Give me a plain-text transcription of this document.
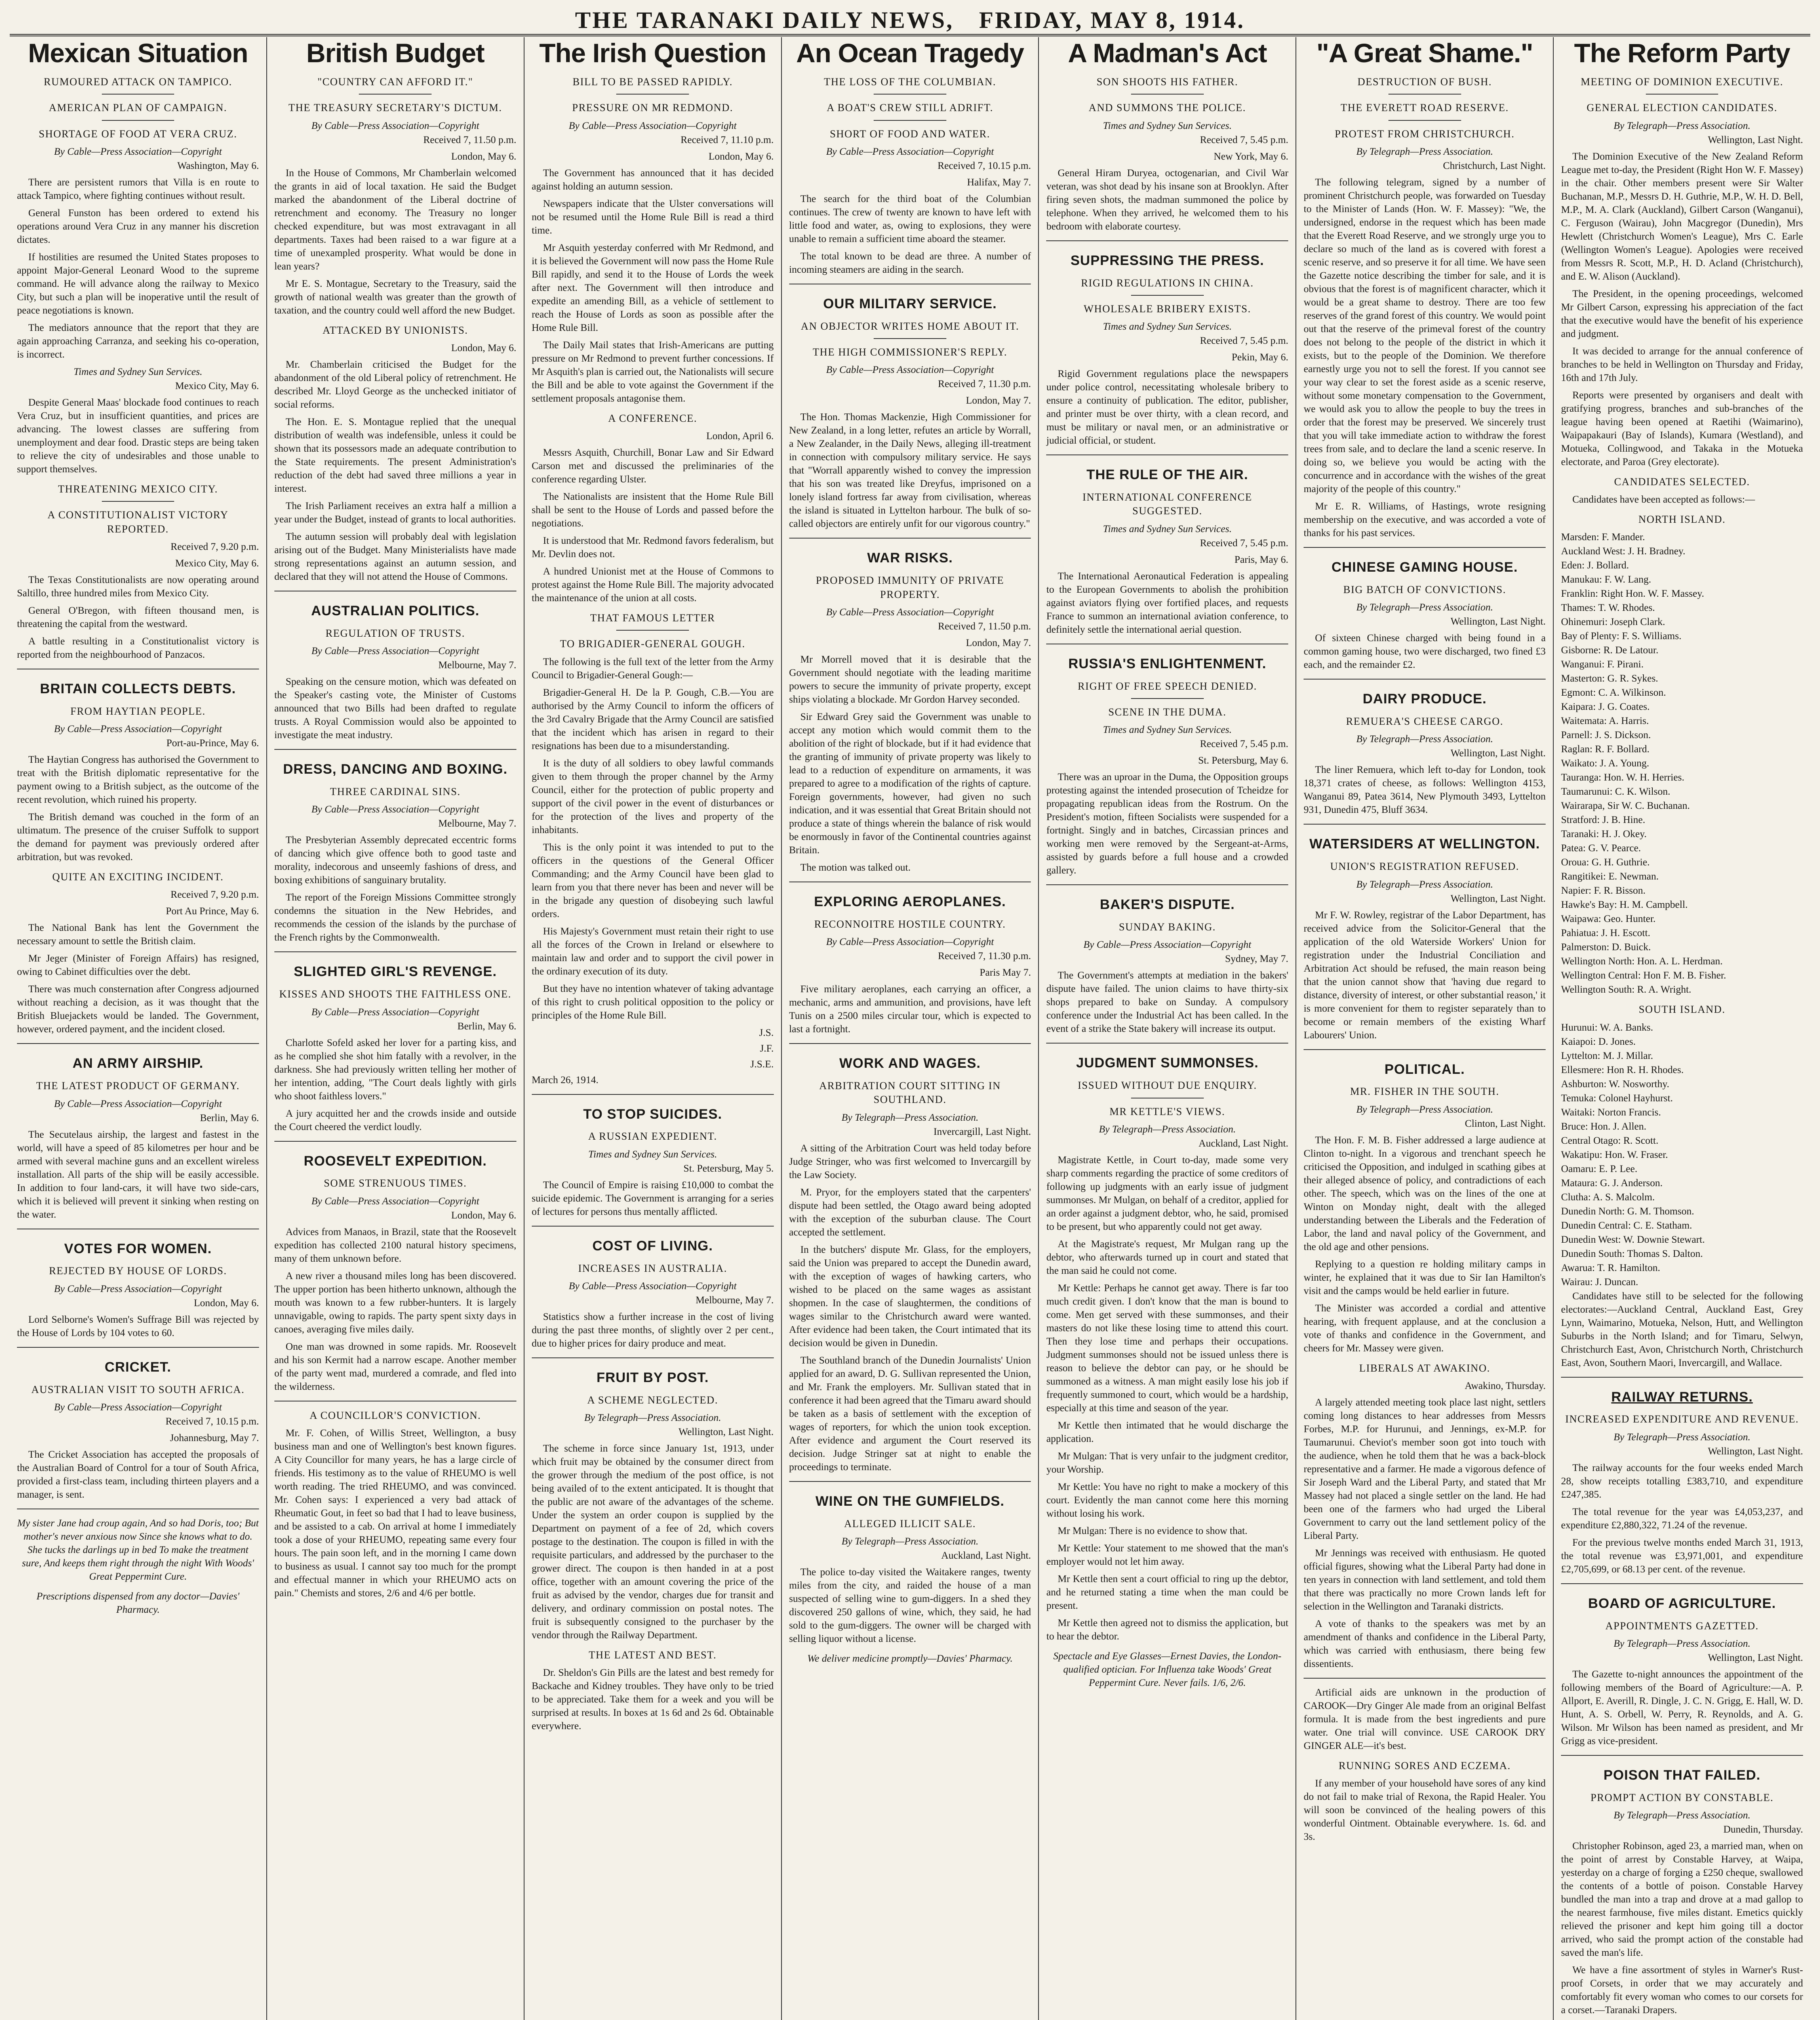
THE TARANAKI DAILY NEWS, FRIDAY, MAY 8, 1914.
Mexican Situation
RUMOURED ATTACK ON TAMPICO.
AMERICAN PLAN OF CAMPAIGN.
SHORTAGE OF FOOD AT VERA CRUZ.
By Cable—Press Association—Copyright
Washington, May 6.

There are persistent rumors that Villa is en route to attack Tampico, where fighting continues without result.

General Funston has been ordered to extend his operations around Vera Cruz in any manner his discretion dictates.

If hostilities are resumed the United States proposes to appoint Major-General Leonard Wood to the supreme command. He will advance along the railway to Mexico City, but such a plan will be inoperative until the result of peace negotiations is known.

The mediators announce that the report that they are again approaching Carranza, and seeking his co-operation, is incorrect.

Times and Sydney Sun Services.
Mexico City, May 6.

Despite General Maas' blockade food continues to reach Vera Cruz, but in insufficient quantities, and prices are advancing. The lowest classes are suffering from unemployment and dear food. Drastic steps are being taken to relieve the city of undesirables and those unable to support themselves.

THREATENING MEXICO CITY.
A CONSTITUTIONALIST VICTORY REPORTED.
Received 7, 9.20 p.m.
Mexico City, May 6.

The Texas Constitutionalists are now operating around Saltillo, three hundred miles from Mexico City.

General O'Bregon, with fifteen thousand men, is threatening the capital from the westward.

A battle resulting in a Constitutionalist victory is reported from the neighbourhood of Panzacos.

BRITAIN COLLECTS DEBTS.
FROM HAYTIAN PEOPLE.
By Cable—Press Association—Copyright
Port-au-Prince, May 6.

The Haytian Congress has authorised the Government to treat with the British diplomatic representative for the payment owing to a British subject, as the outcome of the recent revolution, which ruined his property.

The British demand was couched in the form of an ultimatum. The presence of the cruiser Suffolk to support the demand for payment was previously ordered after arbitration, but was revoked.

QUITE AN EXCITING INCIDENT.
Received 7, 9.20 p.m.
Port Au Prince, May 6.

The National Bank has lent the Government the necessary amount to settle the British claim.

Mr Jeger (Minister of Foreign Affairs) has resigned, owing to Cabinet difficulties over the debt.

There was much consternation after Congress adjourned without reaching a decision, as it was thought that the British Bluejackets would be landed. The Government, however, ordered payment, and the incident closed.

AN ARMY AIRSHIP.
THE LATEST PRODUCT OF GERMANY.
By Cable—Press Association—Copyright
Berlin, May 6.

The Secutelaus airship, the largest and fastest in the world, will have a speed of 85 kilometres per hour and be armed with several machine guns and an excellent wireless installation. All parts of the ship will be easily accessible. In addition to four land-cars, it will have two side-cars, which it is believed will prevent it sinking when resting on the water.

VOTES FOR WOMEN.
REJECTED BY HOUSE OF LORDS.
By Cable—Press Association—Copyright
London, May 6.

Lord Selborne's Women's Suffrage Bill was rejected by the House of Lords by 104 votes to 60.

CRICKET.
AUSTRALIAN VISIT TO SOUTH AFRICA.
By Cable—Press Association—Copyright
Received 7, 10.15 p.m.
Johannesburg, May 7.

The Cricket Association has accepted the proposals of the Australian Board of Control for a tour of South Africa, provided a first-class team, including thirteen players and a manager, is sent.

My sister Jane had croup again, And so had Doris, too; But mother's never anxious now Since she knows what to do. She tucks the darlings up in bed To make the treatment sure, And keeps them right through the night With Woods' Great Peppermint Cure.
Prescriptions dispensed from any doctor—Davies' Pharmacy.
British Budget
"COUNTRY CAN AFFORD IT."
THE TREASURY SECRETARY'S DICTUM.
By Cable—Press Association—Copyright
Received 7, 11.50 p.m.
London, May 6.

In the House of Commons, Mr Chamberlain welcomed the grants in aid of local taxation. He said the Budget marked the abandonment of the Liberal doctrine of retrenchment and economy. The Treasury no longer checked expenditure, but was most extravagant in all departments. Taxes had been raised to a war figure at a time of unexampled prosperity. What would be done in lean years?

Mr E. S. Montague, Secretary to the Treasury, said the growth of national wealth was greater than the growth of taxation, and the country could well afford the new Budget.

ATTACKED BY UNIONISTS.
London, May 6.

Mr. Chamberlain criticised the Budget for the abandonment of the old Liberal policy of retrenchment. He described Mr. Lloyd George as the unchecked initiator of social reforms.

The Hon. E. S. Montague replied that the unequal distribution of wealth was indefensible, unless it could be shown that its possessors made an adequate contribution to the State requirements. The present Administration's reduction of the debt had saved three millions a year in interest.

The Irish Parliament receives an extra half a million a year under the Budget, instead of grants to local authorities.

The autumn session will probably deal with legislation arising out of the Budget. Many Ministerialists have made strong representations against an autumn session, and declared that they will not attend the House of Commons.

AUSTRALIAN POLITICS.
REGULATION OF TRUSTS.
By Cable—Press Association—Copyright
Melbourne, May 7.

Speaking on the censure motion, which was defeated on the Speaker's casting vote, the Minister of Customs announced that two Bills had been drafted to regulate trusts. A Royal Commission would also be appointed to investigate the meat industry.

DRESS, DANCING AND BOXING.
THREE CARDINAL SINS.
By Cable—Press Association—Copyright
Melbourne, May 7.

The Presbyterian Assembly deprecated eccentric forms of dancing which give offence both to good taste and morality, indecorous and unseemly fashions of dress, and boxing exhibitions of sanguinary brutality.

The report of the Foreign Missions Committee strongly condemns the situation in the New Hebrides, and recommends the cession of the islands by the purchase of the French rights by the Commonwealth.

SLIGHTED GIRL'S REVENGE.
KISSES AND SHOOTS THE FAITHLESS ONE.
By Cable—Press Association—Copyright
Berlin, May 6.

Charlotte Sofeld asked her lover for a parting kiss, and as he complied she shot him fatally with a revolver, in the darkness. She had previously written telling her mother of her intention, adding, "The Court deals lightly with girls who shoot faithless lovers."

A jury acquitted her and the crowds inside and outside the Court cheered the verdict loudly.

ROOSEVELT EXPEDITION.
SOME STRENUOUS TIMES.
By Cable—Press Association—Copyright
London, May 6.

Advices from Manaos, in Brazil, state that the Roosevelt expedition has collected 2100 natural history specimens, many of them unknown before.

A new river a thousand miles long has been discovered. The upper portion has been hitherto unknown, although the mouth was known to a few rubber-hunters. It is largely unnavigable, owing to rapids. The party spent sixty days in canoes, averaging five miles daily.

One man was drowned in some rapids. Mr. Roosevelt and his son Kermit had a narrow escape. Another member of the party went mad, murdered a comrade, and fled into the wilderness.

A COUNCILLOR'S CONVICTION.

Mr. F. Cohen, of Willis Street, Wellington, a busy business man and one of Wellington's best known figures. A City Councillor for many years, he has a large circle of friends. His testimony as to the value of RHEUMO is well worth reading. The tried RHEUMO, and was convinced. Mr. Cohen says: I experienced a very bad attack of Rheumatic Gout, in feet so bad that I had to leave business, and be assisted to a cab. On arrival at home I immediately took a dose of your RHEUMO, repeating same every four hours. The pain soon left, and in the morning I came down to business as usual. I cannot say too much for the prompt and effectual manner in which your RHEUMO acts on pain." Chemists and stores, 2/6 and 4/6 per bottle.

The Irish Question
BILL TO BE PASSED RAPIDLY.
PRESSURE ON MR REDMOND.
By Cable—Press Association—Copyright
Received 7, 11.10 p.m.
London, May 6.

The Government has announced that it has decided against holding an autumn session.

Newspapers indicate that the Ulster conversations will not be resumed until the Home Rule Bill is read a third time.

Mr Asquith yesterday conferred with Mr Redmond, and it is believed the Government will now pass the Home Rule Bill rapidly, and send it to the House of Lords the week after next. The Government will then introduce and expedite an amending Bill, as a vehicle of settlement to reach the House of Lords as soon as possible after the Home Rule Bill.

The Daily Mail states that Irish-Americans are putting pressure on Mr Redmond to prevent further concessions. If Mr Asquith's plan is carried out, the Nationalists will secure the Bill and be able to vote against the Government if the settlement proposals antagonise them.

A CONFERENCE.
London, April 6.

Messrs Asquith, Churchill, Bonar Law and Sir Edward Carson met and discussed the preliminaries of the conference regarding Ulster.

The Nationalists are insistent that the Home Rule Bill shall be sent to the House of Lords and passed before the negotiations.

It is understood that Mr. Redmond favors federalism, but Mr. Devlin does not.

A hundred Unionist met at the House of Commons to protest against the Home Rule Bill. The majority advocated the maintenance of the union at all costs.

THAT FAMOUS LETTER
TO BRIGADIER-GENERAL GOUGH.

The following is the full text of the letter from the Army Council to Brigadier-General Gough:—

Brigadier-General H. De la P. Gough, C.B.—You are authorised by the Army Council to inform the officers of the 3rd Cavalry Brigade that the Army Council are satisfied that the incident which has arisen in regard to their resignations has been due to a misunderstanding.

It is the duty of all soldiers to obey lawful commands given to them through the proper channel by the Army Council, either for the protection of public property and support of the civil power in the event of disturbances or for the protection of the lives and property of the inhabitants.

This is the only point it was intended to put to the officers in the questions of the General Officer Commanding; and the Army Council have been glad to learn from you that there never has been and never will be in the brigade any question of disobeying such lawful orders.

His Majesty's Government must retain their right to use all the forces of the Crown in Ireland or elsewhere to maintain law and order and to support the civil power in the ordinary execution of its duty.

But they have no intention whatever of taking advantage of this right to crush political opposition to the policy or principles of the Home Rule Bill.

J.S.
J.F.
J.S.E.
March 26, 1914.
TO STOP SUICIDES.
A RUSSIAN EXPEDIENT.
Times and Sydney Sun Services.
St. Petersburg, May 5.

The Council of Empire is raising £10,000 to combat the suicide epidemic. The Government is arranging for a series of lectures for persons thus mentally afflicted.

COST OF LIVING.
INCREASES IN AUSTRALIA.
By Cable—Press Association—Copyright
Melbourne, May 7.

Statistics show a further increase in the cost of living during the past three months, of slightly over 2 per cent., due to higher prices for dairy produce and meat.

FRUIT BY POST.
A SCHEME NEGLECTED.
By Telegraph—Press Association.
Wellington, Last Night.

The scheme in force since January 1st, 1913, under which fruit may be obtained by the consumer direct from the grower through the medium of the post office, is not being availed of to the extent anticipated. It is thought that the public are not aware of the advantages of the scheme. Under the system an order coupon is supplied by the Department on payment of a fee of 2d, which covers postage to the destination. The coupon is filled in with the requisite particulars, and addressed by the purchaser to the grower direct. The coupon is then handed in at a post office, together with an amount covering the price of the fruit as advised by the vendor, charges due for transit and delivery, and ordinary commission on postal notes. The fruit is subsequently consigned to the purchaser by the vendor through the Railway Department.

THE LATEST AND BEST.

Dr. Sheldon's Gin Pills are the latest and best remedy for Backache and Kidney troubles. They have only to be tried to be appreciated. Take them for a week and you will be surprised at results. In boxes at 1s 6d and 2s 6d. Obtainable everywhere.

An Ocean Tragedy
THE LOSS OF THE COLUMBIAN.
A BOAT'S CREW STILL ADRIFT.
SHORT OF FOOD AND WATER.
By Cable—Press Association—Copyright
Received 7, 10.15 p.m.
Halifax, May 7.

The search for the third boat of the Columbian continues. The crew of twenty are known to have left with little food and water, as, owing to explosions, they were unable to remain a sufficient time aboard the steamer.

The total known to be dead are three. A number of incoming steamers are aiding in the search.

OUR MILITARY SERVICE.
AN OBJECTOR WRITES HOME ABOUT IT.
THE HIGH COMMISSIONER'S REPLY.
By Cable—Press Association—Copyright
Received 7, 11.30 p.m.
London, May 7.

The Hon. Thomas Mackenzie, High Commissioner for New Zealand, in a long letter, refutes an article by Worrall, a New Zealander, in the Daily News, alleging ill-treatment in connection with compulsory military service. He says that "Worrall apparently wished to convey the impression that his son was treated like Dreyfus, imprisoned on a lonely island fortress far away from civilisation, whereas the island is situated in Lyttelton harbour. The bulk of so-called objectors are entirely unfit for our vigorous country."

WAR RISKS.
PROPOSED IMMUNITY OF PRIVATE PROPERTY.
By Cable—Press Association—Copyright
Received 7, 11.50 p.m.
London, May 7.

Mr Morrell moved that it is desirable that the Government should negotiate with the leading maritime powers to secure the immunity of private property, except ships violating a blockade. Mr Gordon Harvey seconded.

Sir Edward Grey said the Government was unable to accept any motion which would commit them to the abolition of the right of blockade, but if it had evidence that the granting of immunity of private property was likely to lead to a reduction of expenditure on armaments, it was prepared to agree to a modification of the rights of capture. Foreign governments, however, had given no such indication, and it was essential that Great Britain should not produce a state of things wherein the balance of risk would be enormously in favor of the Continental countries against Britain.

The motion was talked out.

EXPLORING AEROPLANES.
RECONNOITRE HOSTILE COUNTRY.
By Cable—Press Association—Copyright
Received 7, 11.30 p.m.
Paris May 7.

Five military aeroplanes, each carrying an officer, a mechanic, arms and ammunition, and provisions, have left Tunis on a 2500 miles circular tour, which is expected to last a fortnight.

WORK AND WAGES.
ARBITRATION COURT SITTING IN SOUTHLAND.
By Telegraph—Press Association.
Invercargill, Last Night.

A sitting of the Arbitration Court was held today before Judge Stringer, who was first welcomed to Invercargill by the Law Society.

M. Pryor, for the employers stated that the carpenters' dispute had been settled, the Otago award being adopted with the exception of the suburban clause. The Court accepted the settlement.

In the butchers' dispute Mr. Glass, for the employers, said the Union was prepared to accept the Dunedin award, with the exception of wages of hawking carters, who wished to be placed on the same wages as assistant shopmen. In the case of slaughtermen, the conditions of wages similar to the Christchurch award were wanted. After evidence had been taken, the Court intimated that its decision would be given in Dunedin.

The Southland branch of the Dunedin Journalists' Union applied for an award, D. G. Sullivan represented the Union, and Mr. Frank the employers. Mr. Sullivan stated that in conference it had been agreed that the Timaru award should be taken as a basis of settlement with the exception of wages of reporters, for which the union took exception. After evidence and argument the Court reserved its decision. Judge Stringer sat at night to enable the proceedings to terminate.

WINE ON THE GUMFIELDS.
ALLEGED ILLICIT SALE.
By Telegraph—Press Association.
Auckland, Last Night.

The police to-day visited the Waitakere ranges, twenty miles from the city, and raided the house of a man suspected of selling wine to gum-diggers. In a shed they discovered 250 gallons of wine, which, they said, he had sold to the gum-diggers. The owner will be charged with selling liquor without a license.

We deliver medicine promptly—Davies' Pharmacy.
A Madman's Act
SON SHOOTS HIS FATHER.
AND SUMMONS THE POLICE.
Times and Sydney Sun Services.
Received 7, 5.45 p.m.
New York, May 6.

General Hiram Duryea, octogenarian, and Civil War veteran, was shot dead by his insane son at Brooklyn. After firing seven shots, the madman summoned the police by telephone. When they arrived, he welcomed them to his bedroom with elaborate courtesy.

SUPPRESSING THE PRESS.
RIGID REGULATIONS IN CHINA.
WHOLESALE BRIBERY EXISTS.
Times and Sydney Sun Services.
Received 7, 5.45 p.m.
Pekin, May 6.

Rigid Government regulations place the newspapers under police control, necessitating wholesale bribery to ensure a continuity of publication. The editor, publisher, and printer must be over thirty, with a clean record, and must be military or naval men, or an administrative or judicial official, or student.

THE RULE OF THE AIR.
INTERNATIONAL CONFERENCE SUGGESTED.
Times and Sydney Sun Services.
Received 7, 5.45 p.m.
Paris, May 6.

The International Aeronautical Federation is appealing to the European Governments to abolish the prohibition against aviators flying over fortified places, and requests France to summon an international aviation conference, to definitely settle the international aerial question.

RUSSIA'S ENLIGHTENMENT.
RIGHT OF FREE SPEECH DENIED.
SCENE IN THE DUMA.
Times and Sydney Sun Services.
Received 7, 5.45 p.m.
St. Petersburg, May 6.

There was an uproar in the Duma, the Opposition groups protesting against the intended prosecution of Tcheidze for propagating republican ideas from the Rostrum. On the President's motion, fifteen Socialists were suspended for a fortnight. Singly and in batches, Circassian princes and working men were removed by the Sergeant-at-Arms, assisted by guards before a full house and a crowded gallery.

BAKER'S DISPUTE.
SUNDAY BAKING.
By Cable—Press Association—Copyright
Sydney, May 7.

The Government's attempts at mediation in the bakers' dispute have failed. The union claims to have thirty-six shops prepared to bake on Sunday. A compulsory conference under the Industrial Act has been called. In the event of a strike the State bakery will increase its output.

JUDGMENT SUMMONSES.
ISSUED WITHOUT DUE ENQUIRY.
MR KETTLE'S VIEWS.
By Telegraph—Press Association.
Auckland, Last Night.

Magistrate Kettle, in Court to-day, made some very sharp comments regarding the practice of some creditors of following up judgments with an early issue of judgment summonses. Mr Mulgan, on behalf of a creditor, applied for an order against a judgment debtor, who, he said, promised to be present, but who apparently could not get away.

At the Magistrate's request, Mr Mulgan rang up the debtor, who afterwards turned up in court and stated that the man said he could not come.

Mr Kettle: Perhaps he cannot get away. There is far too much credit given. I don't know that the man is bound to come. Men get served with these summonses, and their masters do not like these losing time to attend this court. Then they lose time and perhaps their occupations. Judgment summonses should not be issued unless there is reason to believe the debtor can pay, or he should be summoned as a witness. A man might easily lose his job if frequently summoned to court, which would be a hardship, especially at this time and season of the year.

Mr Kettle then intimated that he would discharge the application.

Mr Mulgan: That is very unfair to the judgment creditor, your Worship.

Mr Kettle: You have no right to make a mockery of this court. Evidently the man cannot come here this morning without losing his work.

Mr Mulgan: There is no evidence to show that.

Mr Kettle: Your statement to me showed that the man's employer would not let him away.

Mr Kettle then sent a court official to ring up the debtor, and he returned stating a time when the man could be present.

Mr Kettle then agreed not to dismiss the application, but to hear the debtor.

Spectacle and Eye Glasses—Ernest Davies, the London-qualified optician. For Influenza take Woods' Great Peppermint Cure. Never fails. 1/6, 2/6.
"A Great Shame."
DESTRUCTION OF BUSH.
THE EVERETT ROAD RESERVE.
PROTEST FROM CHRISTCHURCH.
By Telegraph—Press Association.
Christchurch, Last Night.

The following telegram, signed by a number of prominent Christchurch people, was forwarded on Tuesday to the Minister of Lands (Hon. W. F. Massey): "We, the undersigned, endorse in the request which has been made that the Everett Road Reserve, and we strongly urge you to declare so much of the land as is covered with forest a scenic reserve, and so preserve it for all time. We have seen the Gazette notice describing the timber for sale, and it is obvious that the forest is of magnificent character, which it would be a great shame to destroy. There are too few reserves of the grand forest of this country. We would point out that the reserve of the primeval forest of the country does not belong to the people of the district in which it exists, but to the people of the Dominion. We therefore earnestly urge you not to sell the forest. If you cannot see your way clear to set the forest aside as a scenic reserve, without some monetary compensation to the Government, we would ask you to allow the people to buy the trees in order that the forest may be preserved. We sincerely trust that you will take immediate action to withdraw the forest trees from sale, and to declare the land a scenic reserve. In doing so, we believe you would be acting with the concurrence and in accordance with the wishes of the great majority of the people of this country."

Mr E. R. Williams, of Hastings, wrote resigning membership on the executive, and was accorded a vote of thanks for his past services.

CHINESE GAMING HOUSE.
BIG BATCH OF CONVICTIONS.
By Telegraph—Press Association.
Wellington, Last Night.

Of sixteen Chinese charged with being found in a common gaming house, two were discharged, two fined £3 each, and the remainder £2.

DAIRY PRODUCE.
REMUERA'S CHEESE CARGO.
By Telegraph—Press Association.
Wellington, Last Night.

The liner Remuera, which left to-day for London, took 18,371 crates of cheese, as follows: Wellington 4153, Wanganui 89, Patea 3614, New Plymouth 3493, Lyttelton 931, Dunedin 475, Bluff 3634.

WATERSIDERS AT WELLINGTON.
UNION'S REGISTRATION REFUSED.
By Telegraph—Press Association.
Wellington, Last Night.

Mr F. W. Rowley, registrar of the Labor Department, has received advice from the Solicitor-General that the application of the old Waterside Workers' Union for registration under the Industrial Conciliation and Arbitration Act should be refused, the main reason being that the union cannot show that 'having due regard to distance, diversity of interest, or other substantial reason,' it is more convenient for them to register separately than to become or remain members of the existing Wharf Labourers' Union.

POLITICAL.
MR. FISHER IN THE SOUTH.
By Telegraph—Press Association.
Clinton, Last Night.

The Hon. F. M. B. Fisher addressed a large audience at Clinton to-night. In a vigorous and trenchant speech he criticised the Opposition, and indulged in scathing gibes at their alleged absence of policy, and contradictions of each other. The speech, which was on the lines of the one at Winton on Monday night, dealt with the alleged understanding between the Liberals and the Federation of Labor, the land and naval policy of the Government, and the old age and other pensions.

Replying to a question re holding military camps in winter, he explained that it was due to Sir Ian Hamilton's visit and the camps would be held earlier in future.

The Minister was accorded a cordial and attentive hearing, with frequent applause, and at the conclusion a vote of thanks and confidence in the Government, and cheers for Mr. Massey were given.

LIBERALS AT AWAKINO.
Awakino, Thursday.

A largely attended meeting took place last night, settlers coming long distances to hear addresses from Messrs Forbes, M.P. for Hurunui, and Jennings, ex-M.P. for Taumarunui. Cheviot's member soon got into touch with the audience, when he told them that he was a back-block representative and a farmer. He made a vigorous defence of Sir Joseph Ward and the Liberal Party, and stated that Mr Massey had not placed a single settler on the land. He had been one of the farmers who had urged the Liberal Government to carry out the land settlement policy of the Liberal Party.

Mr Jennings was received with enthusiasm. He quoted official figures, showing what the Liberal Party had done in ten years in connection with land settlement, and told them that there was practically no more Crown lands left for selection in the Wellington and Taranaki districts.

A vote of thanks to the speakers was met by an amendment of thanks and confidence in the Liberal Party, which was carried with enthusiasm, there being few dissentients.

Artificial aids are unknown in the production of CAROOK—Dry Ginger Ale made from an original Belfast formula. It is made from the best ingredients and pure water. One trial will convince. USE CAROOK DRY GINGER ALE—it's best.

RUNNING SORES AND ECZEMA.

If any member of your household have sores of any kind do not fail to make trial of Rexona, the Rapid Healer. You will soon be convinced of the healing powers of this wonderful Ointment. Obtainable everywhere. 1s. 6d. and 3s.

The Reform Party
MEETING OF DOMINION EXECUTIVE.
GENERAL ELECTION CANDIDATES.
By Telegraph—Press Association.
Wellington, Last Night.

The Dominion Executive of the New Zealand Reform League met to-day, the President (Right Hon W. F. Massey) in the chair. Other members present were Sir Walter Buchanan, M.P., Messrs D. H. Guthrie, M.P., W. H. D. Bell, M.P., M. A. Clark (Auckland), Gilbert Carson (Wanganui), C. Ferguson (Wairau), John Macgregor (Dunedin), Mrs Hewlett (Christchurch Women's League), Mrs C. Earle (Wellington Women's League). Apologies were received from Messrs R. Scott, M.P., H. D. Acland (Christchurch), and E. W. Alison (Auckland).

The President, in the opening proceedings, welcomed Mr Gilbert Carson, expressing his appreciation of the fact that the executive would have the benefit of his experience and judgment.

It was decided to arrange for the annual conference of branches to be held in Wellington on Thursday and Friday, 16th and 17th July.

Reports were presented by organisers and dealt with gratifying progress, branches and sub-branches of the league having been opened at Raetihi (Waimarino), Waipapakauri (Bay of Islands), Kumara (Westland), and Motueka, Collingwood, and Takaka in the Motueka electorate, and Paroa (Grey electorate).

CANDIDATES SELECTED.

Candidates have been accepted as follows:—

NORTH ISLAND.
Marsden: F. Mander.
Auckland West: J. H. Bradney.
Eden: J. Bollard.
Manukau: F. W. Lang.
Franklin: Right Hon. W. F. Massey.
Thames: T. W. Rhodes.
Ohinemuri: Joseph Clark.
Bay of Plenty: F. S. Williams.
Gisborne: R. De Latour.
Wanganui: F. Pirani.
Masterton: G. R. Sykes.
Egmont: C. A. Wilkinson.
Kaipara: J. G. Coates.
Waitemata: A. Harris.
Parnell: J. S. Dickson.
Raglan: R. F. Bollard.
Waikato: J. A. Young.
Tauranga: Hon. W. H. Herries.
Taumarunui: C. K. Wilson.
Wairarapa, Sir W. C. Buchanan.
Stratford: J. B. Hine.
Taranaki: H. J. Okey.
Patea: G. V. Pearce.
Oroua: G. H. Guthrie.
Rangitikei: E. Newman.
Napier: F. R. Bisson.
Hawke's Bay: H. M. Campbell.
Waipawa: Geo. Hunter.
Pahiatua: J. H. Escott.
Palmerston: D. Buick.
Wellington North: Hon. A. L. Herdman.
Wellington Central: Hon F. M. B. Fisher.
Wellington South: R. A. Wright.
SOUTH ISLAND.
Hurunui: W. A. Banks.
Kaiapoi: D. Jones.
Lyttelton: M. J. Millar.
Ellesmere: Hon R. H. Rhodes.
Ashburton: W. Nosworthy.
Temuka: Colonel Hayhurst.
Waitaki: Norton Francis.
Bruce: Hon. J. Allen.
Central Otago: R. Scott.
Wakatipu: Hon. W. Fraser.
Oamaru: E. P. Lee.
Mataura: G. J. Anderson.
Clutha: A. S. Malcolm.
Dunedin North: G. M. Thomson.
Dunedin Central: C. E. Statham.
Dunedin West: W. Downie Stewart.
Dunedin South: Thomas S. Dalton.
Awarua: T. R. Hamilton.
Wairau: J. Duncan.

Candidates have still to be selected for the following electorates:—Auckland Central, Auckland East, Grey Lynn, Waimarino, Motueka, Nelson, Hutt, and Wellington Suburbs in the North Island; and for Timaru, Selwyn, Christchurch East, Avon, Christchurch North, Christchurch East, Avon, Southern Maori, Invercargill, and Wallace.

RAILWAY RETURNS.
INCREASED EXPENDITURE AND REVENUE.
By Telegraph—Press Association.
Wellington, Last Night.

The railway accounts for the four weeks ended March 28, show receipts totalling £383,710, and expenditure £247,385.

The total revenue for the year was £4,053,237, and expenditure £2,880,322, 71.24 of the revenue.

For the previous twelve months ended March 31, 1913, the total revenue was £3,971,001, and expenditure £2,705,699, or 68.13 per cent. of the revenue.

BOARD OF AGRICULTURE.
APPOINTMENTS GAZETTED.
By Telegraph—Press Association.
Wellington, Last Night.

The Gazette to-night announces the appointment of the following members of the Board of Agriculture:—A. P. Allport, E. Averill, R. Dingle, J. C. N. Grigg, E. Hall, W. D. Hunt, A. S. Orbell, W. Perry, R. Reynolds, and A. G. Wilson. Mr Wilson has been named as president, and Mr Grigg as vice-president.

POISON THAT FAILED.
PROMPT ACTION BY CONSTABLE.
By Telegraph—Press Association.
Dunedin, Thursday.

Christopher Robinson, aged 23, a married man, when on the point of arrest by Constable Harvey, at Waipa, yesterday on a charge of forging a £250 cheque, swallowed the contents of a bottle of poison. Constable Harvey bundled the man into a trap and drove at a mad gallop to the nearest farmhouse, five miles distant. Emetics quickly relieved the prisoner and kept him going till a doctor arrived, who said the prompt action of the constable had saved the man's life.

We have a fine assortment of styles in Warner's Rust-proof Corsets, in order that we may accurately and comfortably fit every woman who comes to our corsets for a corset.—Taranaki Drapers.
